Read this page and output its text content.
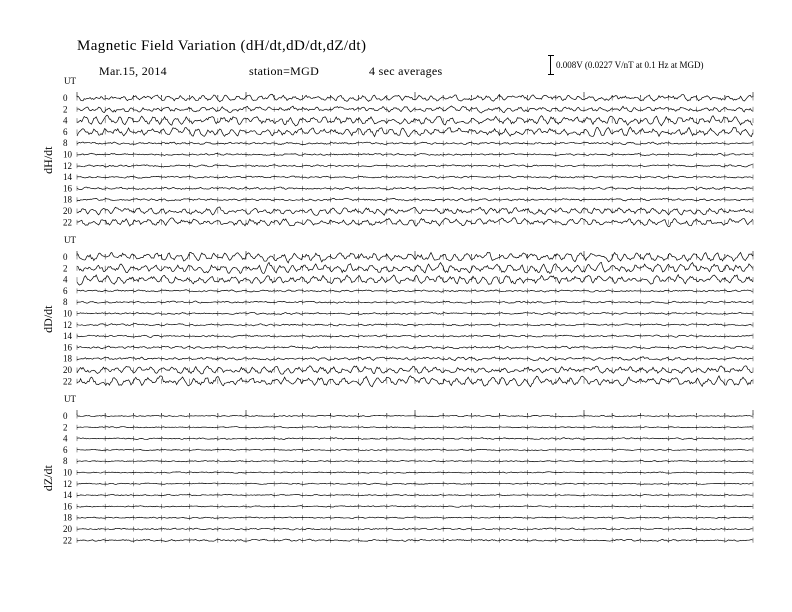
Magnetic Field Variation (dH/dt,dD/dt,dZ/dt)
Mar.15, 2014	station=MGD	4 sec averages	0.008V (0.0227 V/nT at 0.1 Hz at MGD)
UT
dH/dt
0
2
4
6
8
10
12
14
16
18
20
22
UT
dD/dt
0
2
4
6
8
10
12
14
16
18
20
22
UT
dZ/dt
0
2
4
6
8
10
12
14
16
18
20
22
